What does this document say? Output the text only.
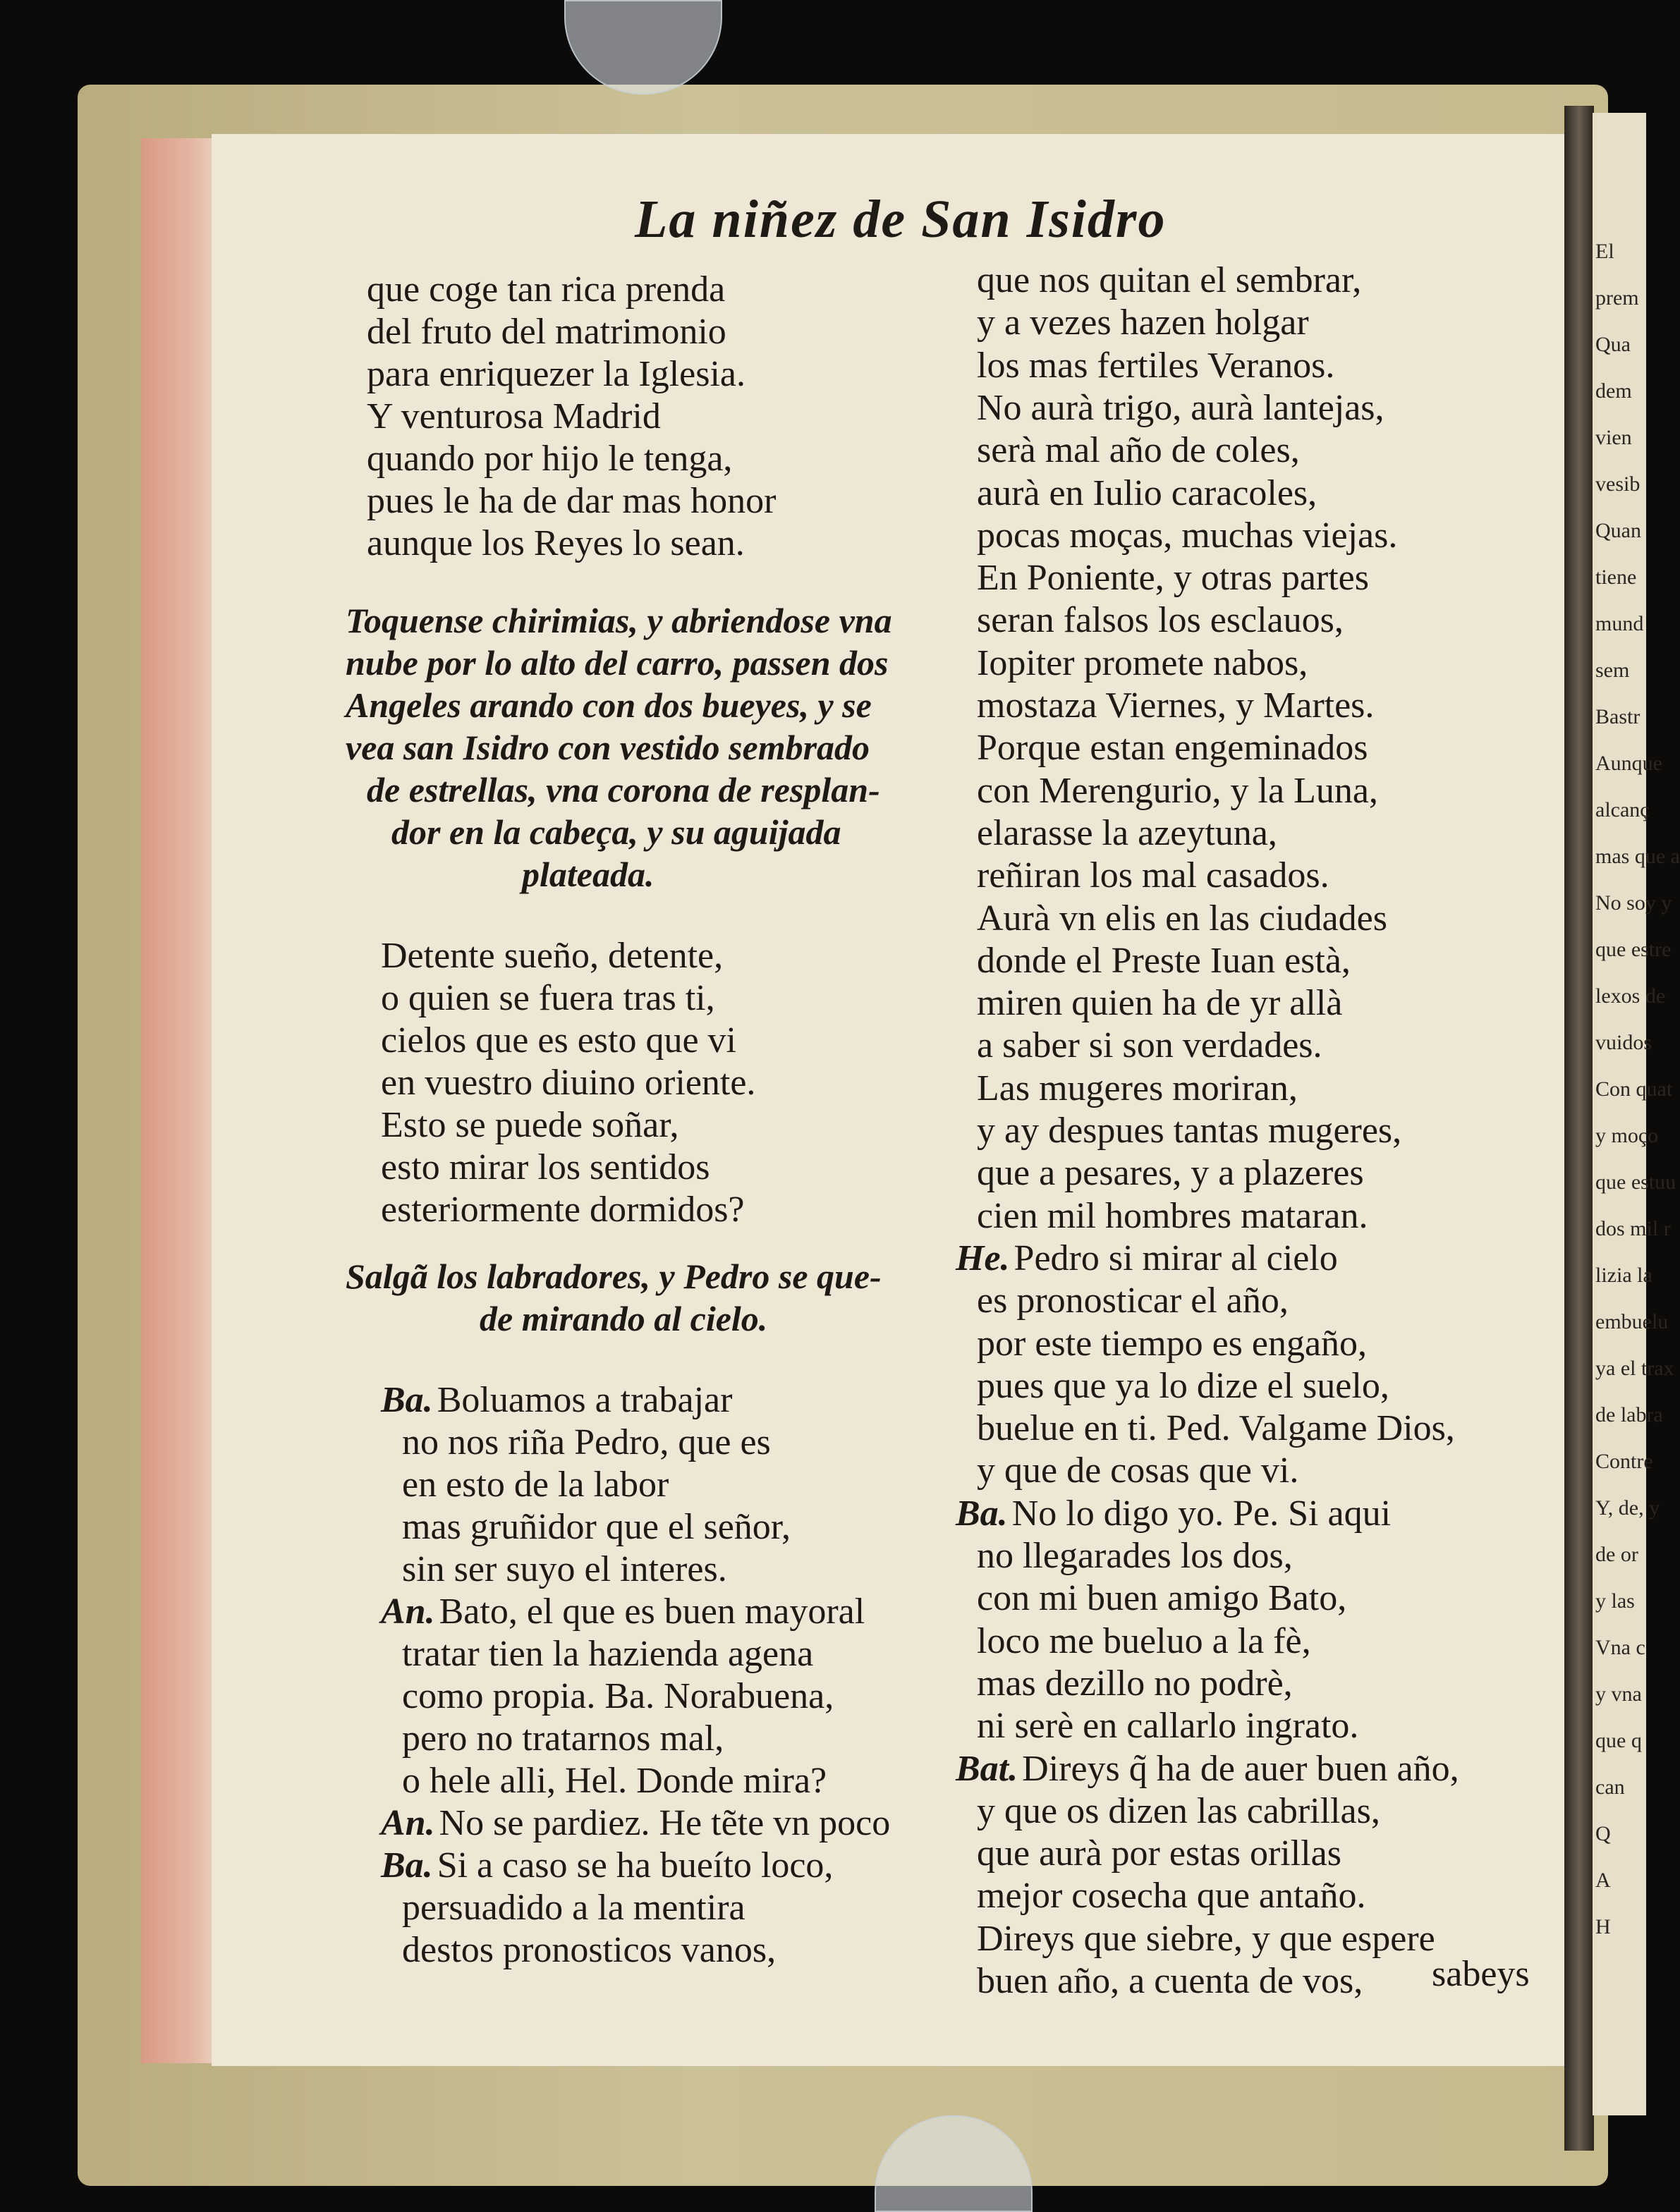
El
prem
Qua
dem
vien
vesib
Quan
tiene
mund
sem
Bastr
Aunque
alcanç
mas que a
No soy y
que estre
lexos de
vuidos
Con quat
y moço
que estuu
dos mil r
lizia la
embuelu
ya el trax
de labra
Contre
Y, de, y
de or
y las
Vna c
y vna
que q
can
Q
A
H
La niñez de San Isidro
que coge tan rica prenda
del fruto del matrimonio
para enriquezer la Iglesia.
Y venturosa Madrid
quando por hijo le tenga,
pues le ha de dar mas honor
aunque los Reyes lo sean.
Toquense chirimias, y abriendose vna
nube por lo alto del carro, passen dos
Angeles arando con dos bueyes, y se
vea san Isidro con vestido sembrado
de estrellas, vna corona de resplan-
dor en la cabeça, y su aguijada
plateada.
Detente sueño, detente,
o quien se fuera tras ti,
cielos que es esto que vi
en vuestro diuino oriente.
Esto se puede soñar,
esto mirar los sentidos
esteriormente dormidos?
Salgã los labradores, y Pedro se que-
de mirando al cielo.
Ba. Boluamos a trabajar
no nos riña Pedro, que es
en esto de la labor
mas gruñidor que el señor,
sin ser suyo el interes.
An. Bato, el que es buen mayoral
tratar tien la hazienda agena
como propia. Ba. Norabuena,
pero no tratarnos mal,
o hele alli, Hel. Donde mira?
An. No se pardiez. He tẽte vn poco
Ba. Si a caso se ha bueíto loco,
persuadido a la mentira
destos pronosticos vanos,
que nos quitan el sembrar,
y a vezes hazen holgar
los mas fertiles Veranos.
No aurà trigo, aurà lantejas,
serà mal año de coles,
aurà en Iulio caracoles,
pocas moças, muchas viejas.
En Poniente, y otras partes
seran falsos los esclauos,
Iopiter promete nabos,
mostaza Viernes, y Martes.
Porque estan engeminados
con Merengurio, y la Luna,
elarasse la azeytuna,
reñiran los mal casados.
Aurà vn elis en las ciudades
donde el Preste Iuan està,
miren quien ha de yr allà
a saber si son verdades.
Las mugeres moriran,
y ay despues tantas mugeres,
que a pesares, y a plazeres
cien mil hombres mataran.
He. Pedro si mirar al cielo
es pronosticar el año,
por este tiempo es engaño,
pues que ya lo dize el suelo,
buelue en ti. Ped. Valgame Dios,
y que de cosas que vi.
Ba. No lo digo yo. Pe. Si aqui
no llegarades los dos,
con mi buen amigo Bato,
loco me bueluo a la fè,
mas dezillo no podrè,
ni serè en callarlo ingrato.
Bat. Direys q̃ ha de auer buen año,
y que os dizen las cabrillas,
que aurà por estas orillas
mejor cosecha que antaño.
Direys que siebre, y que espere
buen año, a cuenta de vos, sabeys
